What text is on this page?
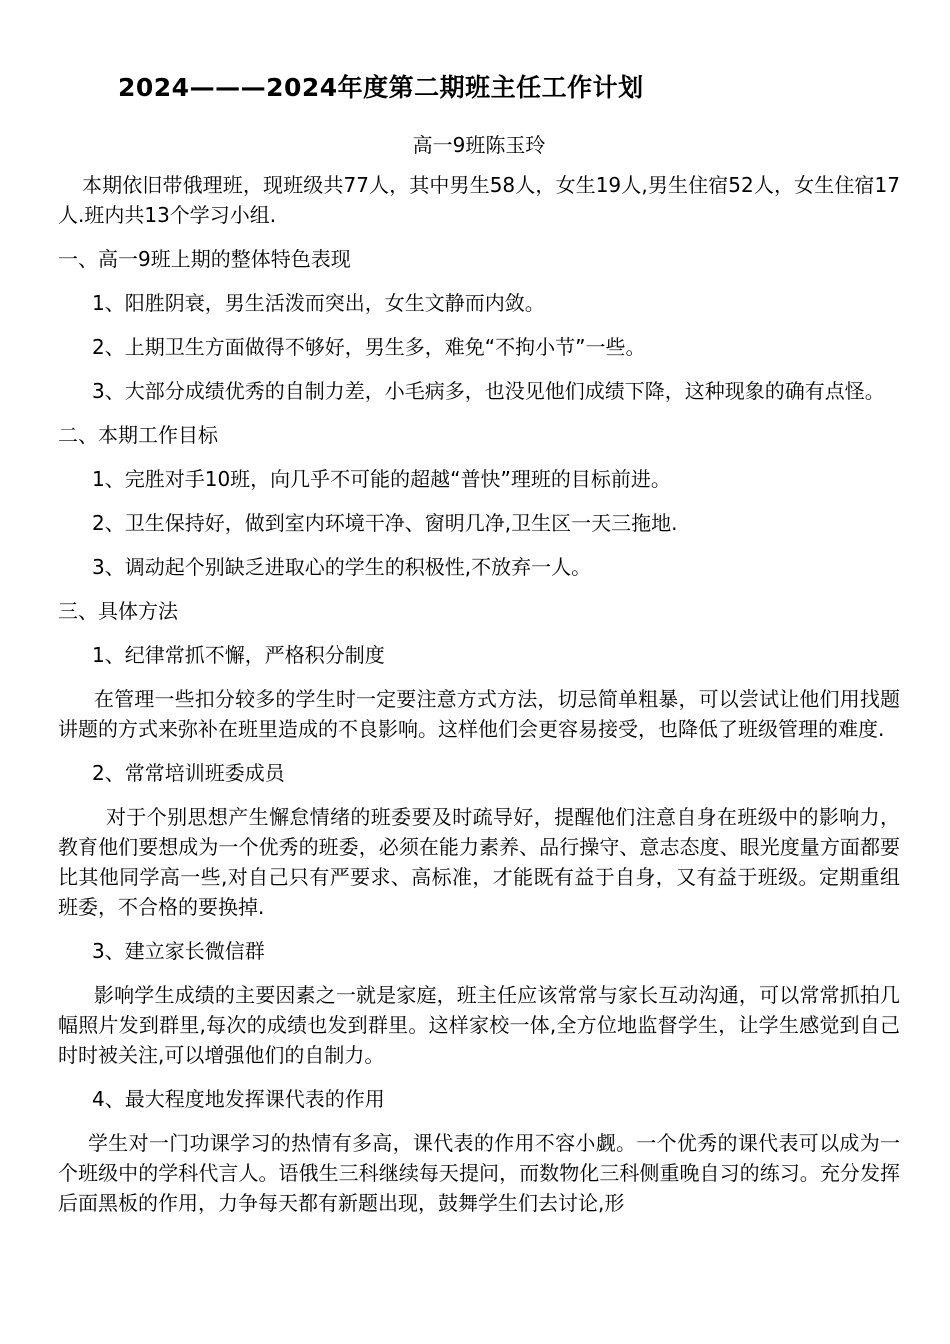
2024———2024年度第二期班主任工作计划
高一9班陈玉玲

本期依旧带俄理班，现班级共77人，其中男生58人，女生19人,男生住宿52人，女生住宿17人.班内共13个学习小组.

一、高一9班上期的整体特色表现

1、阳胜阴衰，男生活泼而突出，女生文静而内敛。

2、上期卫生方面做得不够好，男生多，难免“不拘小节”一些。

3、大部分成绩优秀的自制力差，小毛病多，也没见他们成绩下降，这种现象的确有点怪。

二、本期工作目标

1、完胜对手10班，向几乎不可能的超越“普快”理班的目标前进。

2、卫生保持好，做到室内环境干净、窗明几净,卫生区一天三拖地.

3、调动起个别缺乏进取心的学生的积极性,不放弃一人。

三、具体方法

1、纪律常抓不懈，严格积分制度

在管理一些扣分较多的学生时一定要注意方式方法，切忌简单粗暴，可以尝试让他们用找题讲题的方式来弥补在班里造成的不良影响。这样他们会更容易接受，也降低了班级管理的难度.

2、常常培训班委成员

对于个别思想产生懈怠情绪的班委要及时疏导好，提醒他们注意自身在班级中的影响力，教育他们要想成为一个优秀的班委，必须在能力素养、品行操守、意志态度、眼光度量方面都要比其他同学高一些,对自己只有严要求、高标准，才能既有益于自身，又有益于班级。定期重组班委，不合格的要换掉.

3、建立家长微信群

影响学生成绩的主要因素之一就是家庭，班主任应该常常与家长互动沟通，可以常常抓拍几幅照片发到群里,每次的成绩也发到群里。这样家校一体,全方位地监督学生，让学生感觉到自己时时被关注,可以增强他们的自制力。

4、最大程度地发挥课代表的作用

学生对一门功课学习的热情有多高，课代表的作用不容小觑。一个优秀的课代表可以成为一个班级中的学科代言人。语俄生三科继续每天提问，而数物化三科侧重晚自习的练习。充分发挥后面黑板的作用，力争每天都有新题出现，鼓舞学生们去讨论,形
